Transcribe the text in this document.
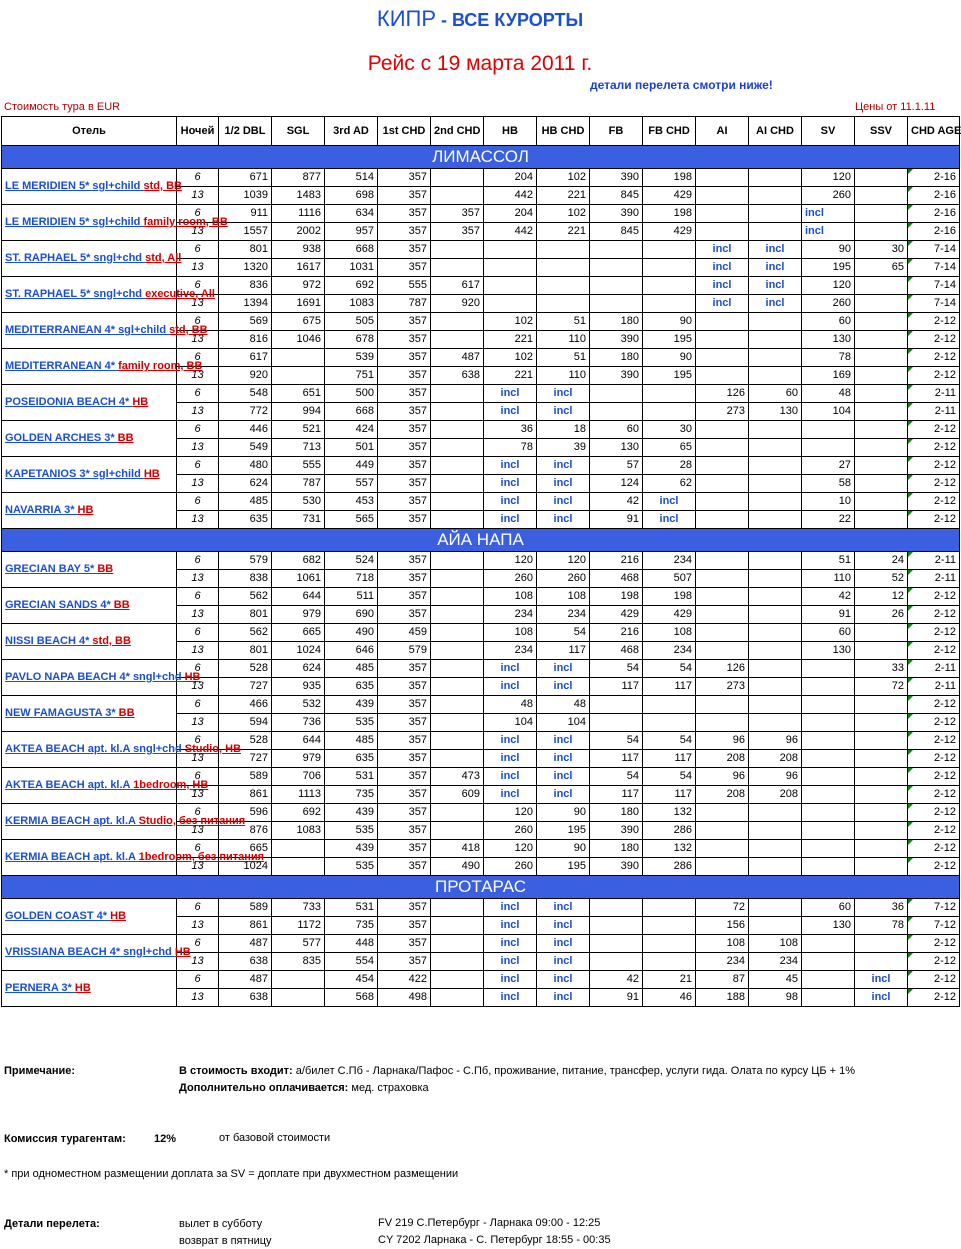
КИПР - ВСЕ КУРОРТЫ
Рейс с 19 марта 2011 г.
детали перелета смотри ниже!
Стоимость тура в EUR	Цены от 11.1.11
Отель	Ночей	1/2 DBL	SGL	3rd AD	1st CHD	2nd CHD	HB	HB CHD	FB	FB CHD	AI	AI CHD	SV	SSV	CHD AGE
ЛИМАССОЛ															
LE MERIDIEN 5* sgl+child std, BB	6	671	877	514	357		204	102	390	198			120		2-16
	13	1039	1483	698	357		442	221	845	429			260		2-16
LE MERIDIEN 5* sgl+child family room, BB	6	911	1116	634	357	357	204	102	390	198			incl		2-16
	13	1557	2002	957	357	357	442	221	845	429			incl		2-16
ST. RAPHAEL 5* sngl+chd std, All	6	801	938	668	357						incl	incl	90	30	7-14
	13	1320	1617	1031	357						incl	incl	195	65	7-14
ST. RAPHAEL 5* sngl+chd executive, All	6	836	972	692	555	617					incl	incl	120		7-14
	13	1394	1691	1083	787	920					incl	incl	260		7-14
MEDITERRANEAN 4* sgl+child std, BB	6	569	675	505	357		102	51	180	90			60		2-12
	13	816	1046	678	357		221	110	390	195			130		2-12
MEDITERRANEAN 4* family room, BB	6	617		539	357	487	102	51	180	90			78		2-12
	13	920		751	357	638	221	110	390	195			169		2-12
POSEIDONIA BEACH 4* HB	6	548	651	500	357		incl	incl			126	60	48		2-11
	13	772	994	668	357		incl	incl			273	130	104		2-11
GOLDEN ARCHES 3* BB	6	446	521	424	357		36	18	60	30					2-12
	13	549	713	501	357		78	39	130	65					2-12
KAPETANIOS 3* sgl+child HB	6	480	555	449	357		incl	incl	57	28			27		2-12
	13	624	787	557	357		incl	incl	124	62			58		2-12
NAVARRIA 3* HB	6	485	530	453	357		incl	incl	42	incl			10		2-12
	13	635	731	565	357		incl	incl	91	incl			22		2-12
АЙА НАПА															
GRECIAN BAY 5* BB	6	579	682	524	357		120	120	216	234			51	24	2-11
	13	838	1061	718	357		260	260	468	507			110	52	2-11
GRECIAN SANDS 4* BB	6	562	644	511	357		108	108	198	198			42	12	2-12
	13	801	979	690	357		234	234	429	429			91	26	2-12
NISSI BEACH 4* std, BB	6	562	665	490	459		108	54	216	108			60		2-12
	13	801	1024	646	579		234	117	468	234			130		2-12
PAVLO NAPA BEACH 4* sngl+chd HB	6	528	624	485	357		incl	incl	54	54	126			33	2-11
	13	727	935	635	357		incl	incl	117	117	273			72	2-11
NEW FAMAGUSTA 3* BB	6	466	532	439	357		48	48							2-12
	13	594	736	535	357		104	104							2-12
AKTEA BEACH apt. kl.A sngl+chd Studio, HB	6	528	644	485	357		incl	incl	54	54	96	96			2-12
	13	727	979	635	357		incl	incl	117	117	208	208			2-12
AKTEA BEACH apt. kl.A 1bedroom, HB	6	589	706	531	357	473	incl	incl	54	54	96	96			2-12
	13	861	1113	735	357	609	incl	incl	117	117	208	208			2-12
KERMIA BEACH apt. kl.A Studio, без питания	6	596	692	439	357		120	90	180	132					2-12
	13	876	1083	535	357		260	195	390	286					2-12
KERMIA BEACH apt. kl.A 1bedroom, без питания	6	665		439	357	418	120	90	180	132					2-12
	13	1024		535	357	490	260	195	390	286					2-12
ПРОТАРАС															
GOLDEN COAST 4* HB	6	589	733	531	357		incl	incl			72		60	36	7-12
	13	861	1172	735	357		incl	incl			156		130	78	7-12
VRISSIANA BEACH 4* sngl+chd HB	6	487	577	448	357		incl	incl			108	108			2-12
	13	638	835	554	357		incl	incl			234	234			2-12
PERNERA 3* HB	6	487		454	422		incl	incl	42	21	87	45		incl	2-12
	13	638		568	498		incl	incl	91	46	188	98		incl	2-12
Примечание:	В стоимость входит: а/билет С.Пб - Ларнака/Пафос - С.Пб, проживание, питание, трансфер, услуги гида. Олата по курсу ЦБ + 1%
Дополнительно оплачивается: мед. страховка
Комиссия турагентам:	12%	от базовой стоимости
* при одноместном размещении доплата за SV = доплате при двухместном размещении
Детали перелета:	вылет в субботу	FV 219 С.Петербург - Ларнака 09:00 - 12:25
возврат в пятницу	CY 7202 Ларнака - С. Петербург 18:55 - 00:35
